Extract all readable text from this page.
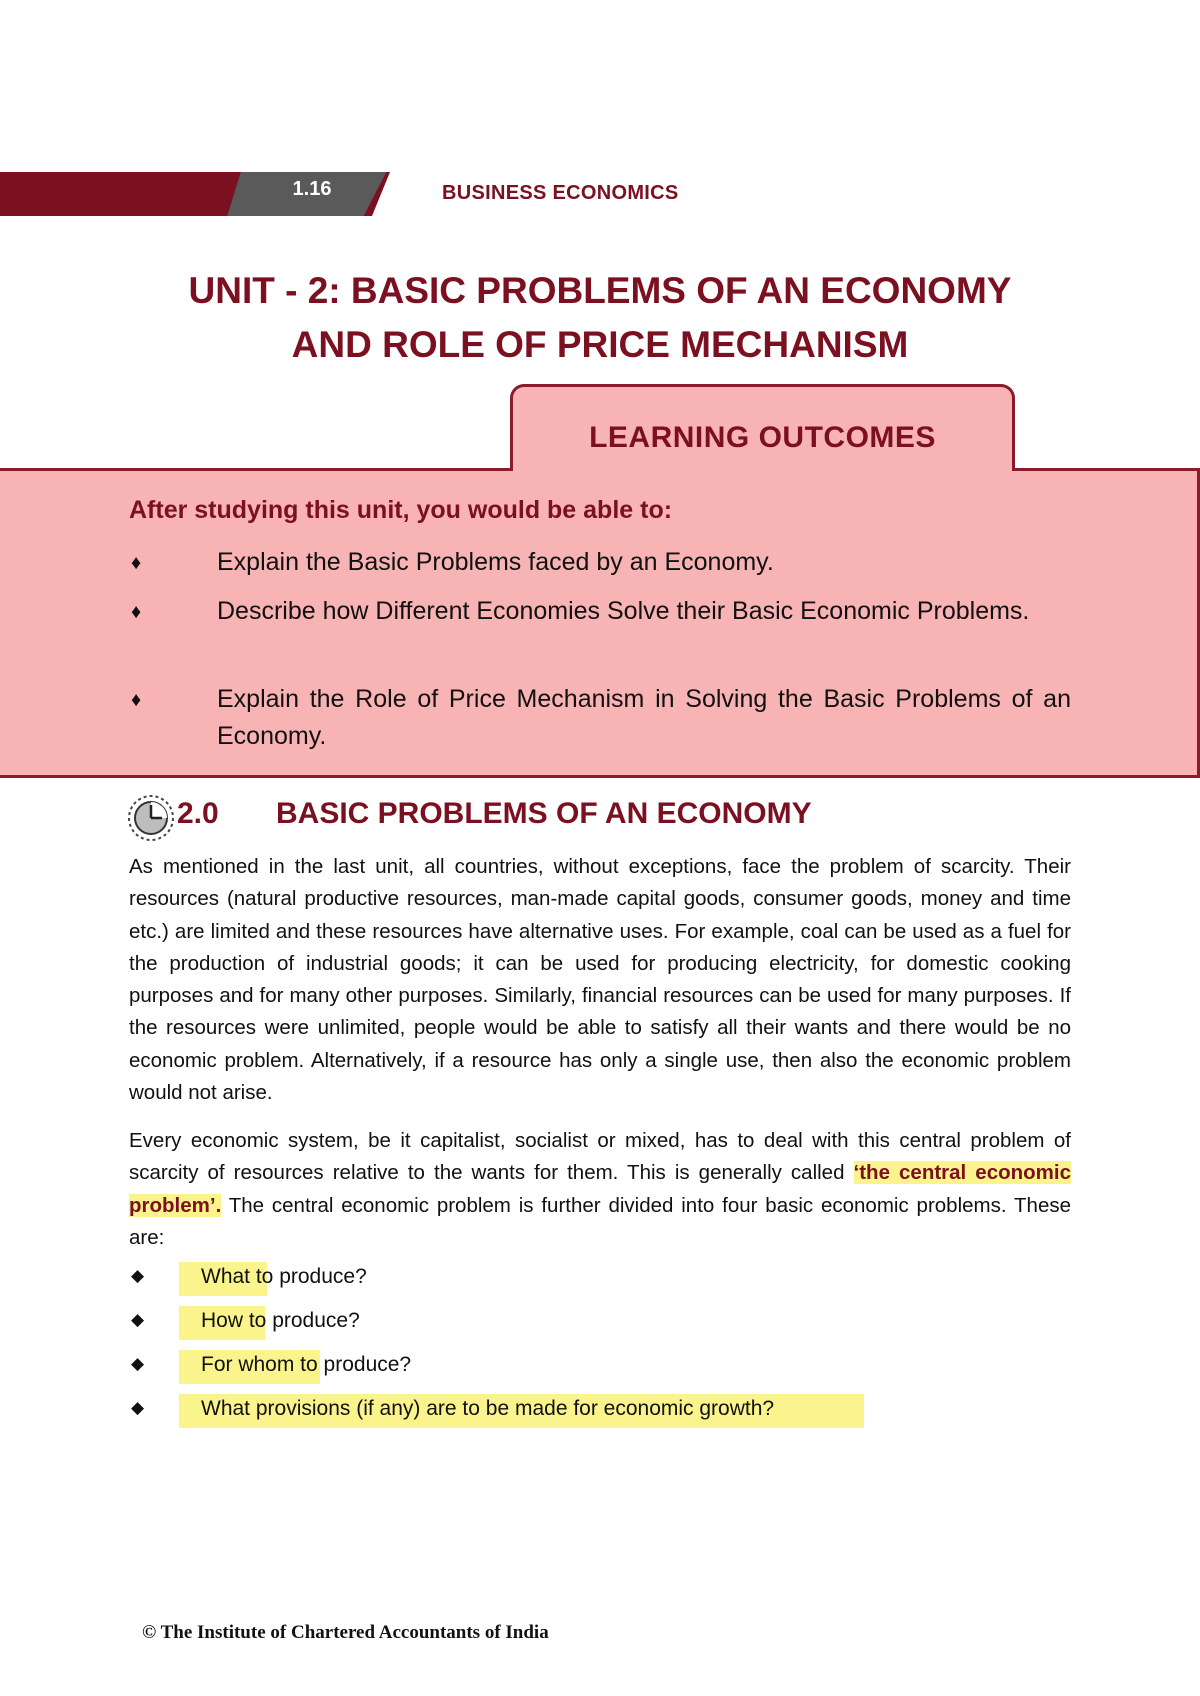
1.16	BUSINESS ECONOMICS
UNIT - 2: BASIC PROBLEMS OF AN ECONOMY
AND ROLE OF PRICE MECHANISM
LEARNING OUTCOMES
After studying this unit, you would be able to:
♦	Explain the Basic Problems faced by an Economy.
♦	Describe how Different Economies Solve their Basic Economic Problems.
♦	Explain the Role of Price Mechanism in Solving the Basic Problems of an Economy.
2.0 BASIC PROBLEMS OF AN ECONOMY
As mentioned in the last unit, all countries, without exceptions, face the problem of scarcity. Their resources (natural productive resources, man-made capital goods, consumer goods, money and time etc.) are limited and these resources have alternative uses. For example, coal can be used as a fuel for the production of industrial goods; it can be used for producing electricity, for domestic cooking purposes and for many other purposes. Similarly, financial resources can be used for many purposes. If the resources were unlimited, people would be able to satisfy all their wants and there would be no economic problem. Alternatively, if a resource has only a single use, then also the economic problem would not arise.
Every economic system, be it capitalist, socialist or mixed, has to deal with this central problem of scarcity of resources relative to the wants for them. This is generally called ‘the central economic problem’. The central economic problem is further divided into four basic economic problems. These are:
◆	What to produce?
◆	How to produce?
◆	For whom to produce?
◆	What provisions (if any) are to be made for economic growth?
© The Institute of Chartered Accountants of India
